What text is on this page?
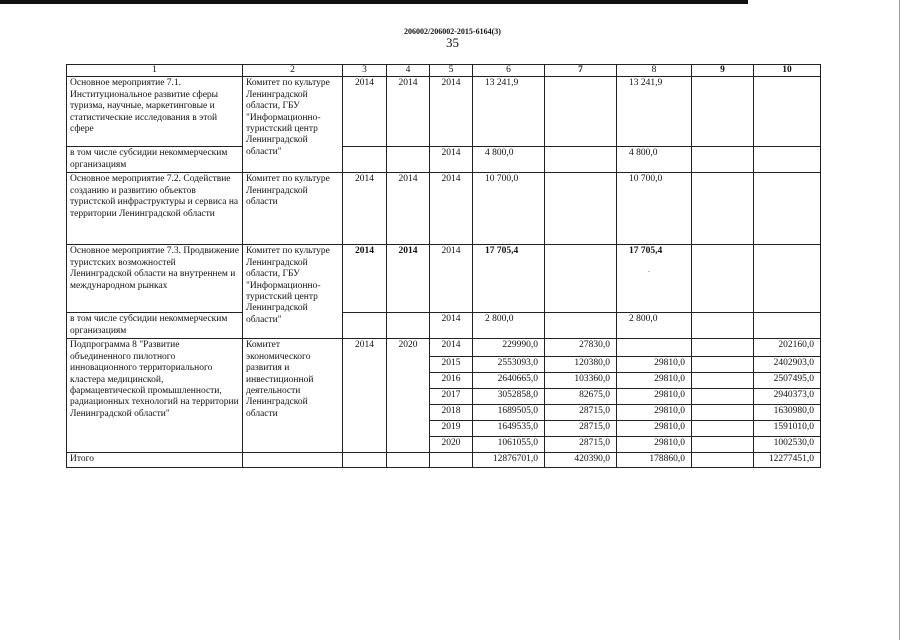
206002/206002-2015-6164(3)
35
1	2	3	4	5	6	7	8	9	10
Основное мероприятие 7.1. Институциональное развитие сферы туризма, научные, маркетинговые и статистические исследования в этой сфере	Комитет по культуре Ленинградской области, ГБУ "Информационно-туристский центр Ленинградской области"	2014	2014	2014	13 241,9		13 241,9		
в том числе субсидии некоммерческим организациям				2014	4 800,0		4 800,0		
Основное мероприятие 7.2. Содействие созданию и развитию объектов туристской инфраструктуры и сервиса на территории Ленинградской области	Комитет по культуре Ленинградской области	2014	2014	2014	10 700,0		10 700,0		
Основное мероприятие 7.3. Продвижение туристских возможностей Ленинградской области на внутреннем и международном рынках	Комитет по культуре Ленинградской области, ГБУ "Информационно-туристский центр Ленинградской области"	2014	2014	2014	17 705,4		17 705,4
.		

в том числе субсидии некоммерческим организациям				2014	2 800,0		2 800,0		
Подпрограмма 8 "Развитие объединенного пилотного инновационного территориального кластера медицинской, фармацевтической промышленности, радиационных технологий на территории Ленинградской области"	Комитет экономического развития и инвестиционной деятельности Ленинградской области	2014	2020	2014	229990,0	27830,0			202160,0
				2015	2553093,0	120380,0	29810,0		2402903,0
				2016	2640665,0	103360,0	29810,0		2507495,0
				2017	3052858,0	82675,0	29810,0		2940373,0
				2018	1689505,0	28715,0	29810,0		1630980,0
				2019	1649535,0	28715,0	29810,0		1591010,0
				2020	1061055,0	28715,0	29810,0		1002530,0
Итого					12876701,0	420390,0	178860,0		12277451,0
